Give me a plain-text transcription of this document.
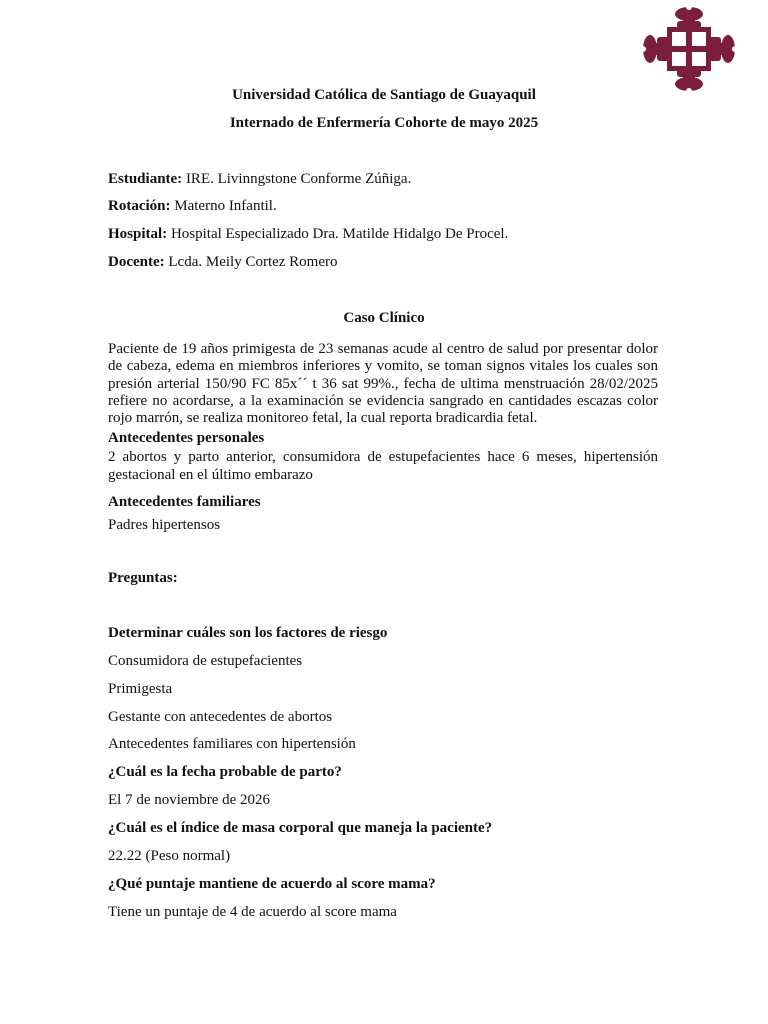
Universidad Católica de Santiago de Guayaquil
Internado de Enfermería Cohorte de mayo 2025
Estudiante: IRE. Livinngstone Conforme Zúñiga.
Rotación: Materno Infantil.
Hospital: Hospital Especializado Dra. Matilde Hidalgo De Procel.
Docente: Lcda. Meily Cortez Romero
Caso Clínico
Paciente de 19 años primigesta de 23 semanas acude al centro de salud por presentar dolor
de cabeza, edema en miembros inferiores y vomito, se toman signos vitales los cuales son
presión arterial 150/90 FC 85x´´ t 36 sat 99%., fecha de ultima menstruación 28/02/2025
refiere no acordarse, a la examinación se evidencia sangrado en cantidades escazas color
rojo marrón, se realiza monitoreo fetal, la cual reporta bradicardia fetal.
Antecedentes personales
2 abortos y parto anterior, consumidora de estupefacientes hace 6 meses, hipertensión
gestacional en el último embarazo
Antecedentes familiares
Padres hipertensos
Preguntas:
Determinar cuáles son los factores de riesgo
Consumidora de estupefacientes
Primigesta
Gestante con antecedentes de abortos
Antecedentes familiares con hipertensión
¿Cuál es la fecha probable de parto?
El 7 de noviembre de 2026
¿Cuál es el índice de masa corporal que maneja la paciente?
22.22 (Peso normal)
¿Qué puntaje mantiene de acuerdo al score mama?
Tiene un puntaje de 4 de acuerdo al score mama
